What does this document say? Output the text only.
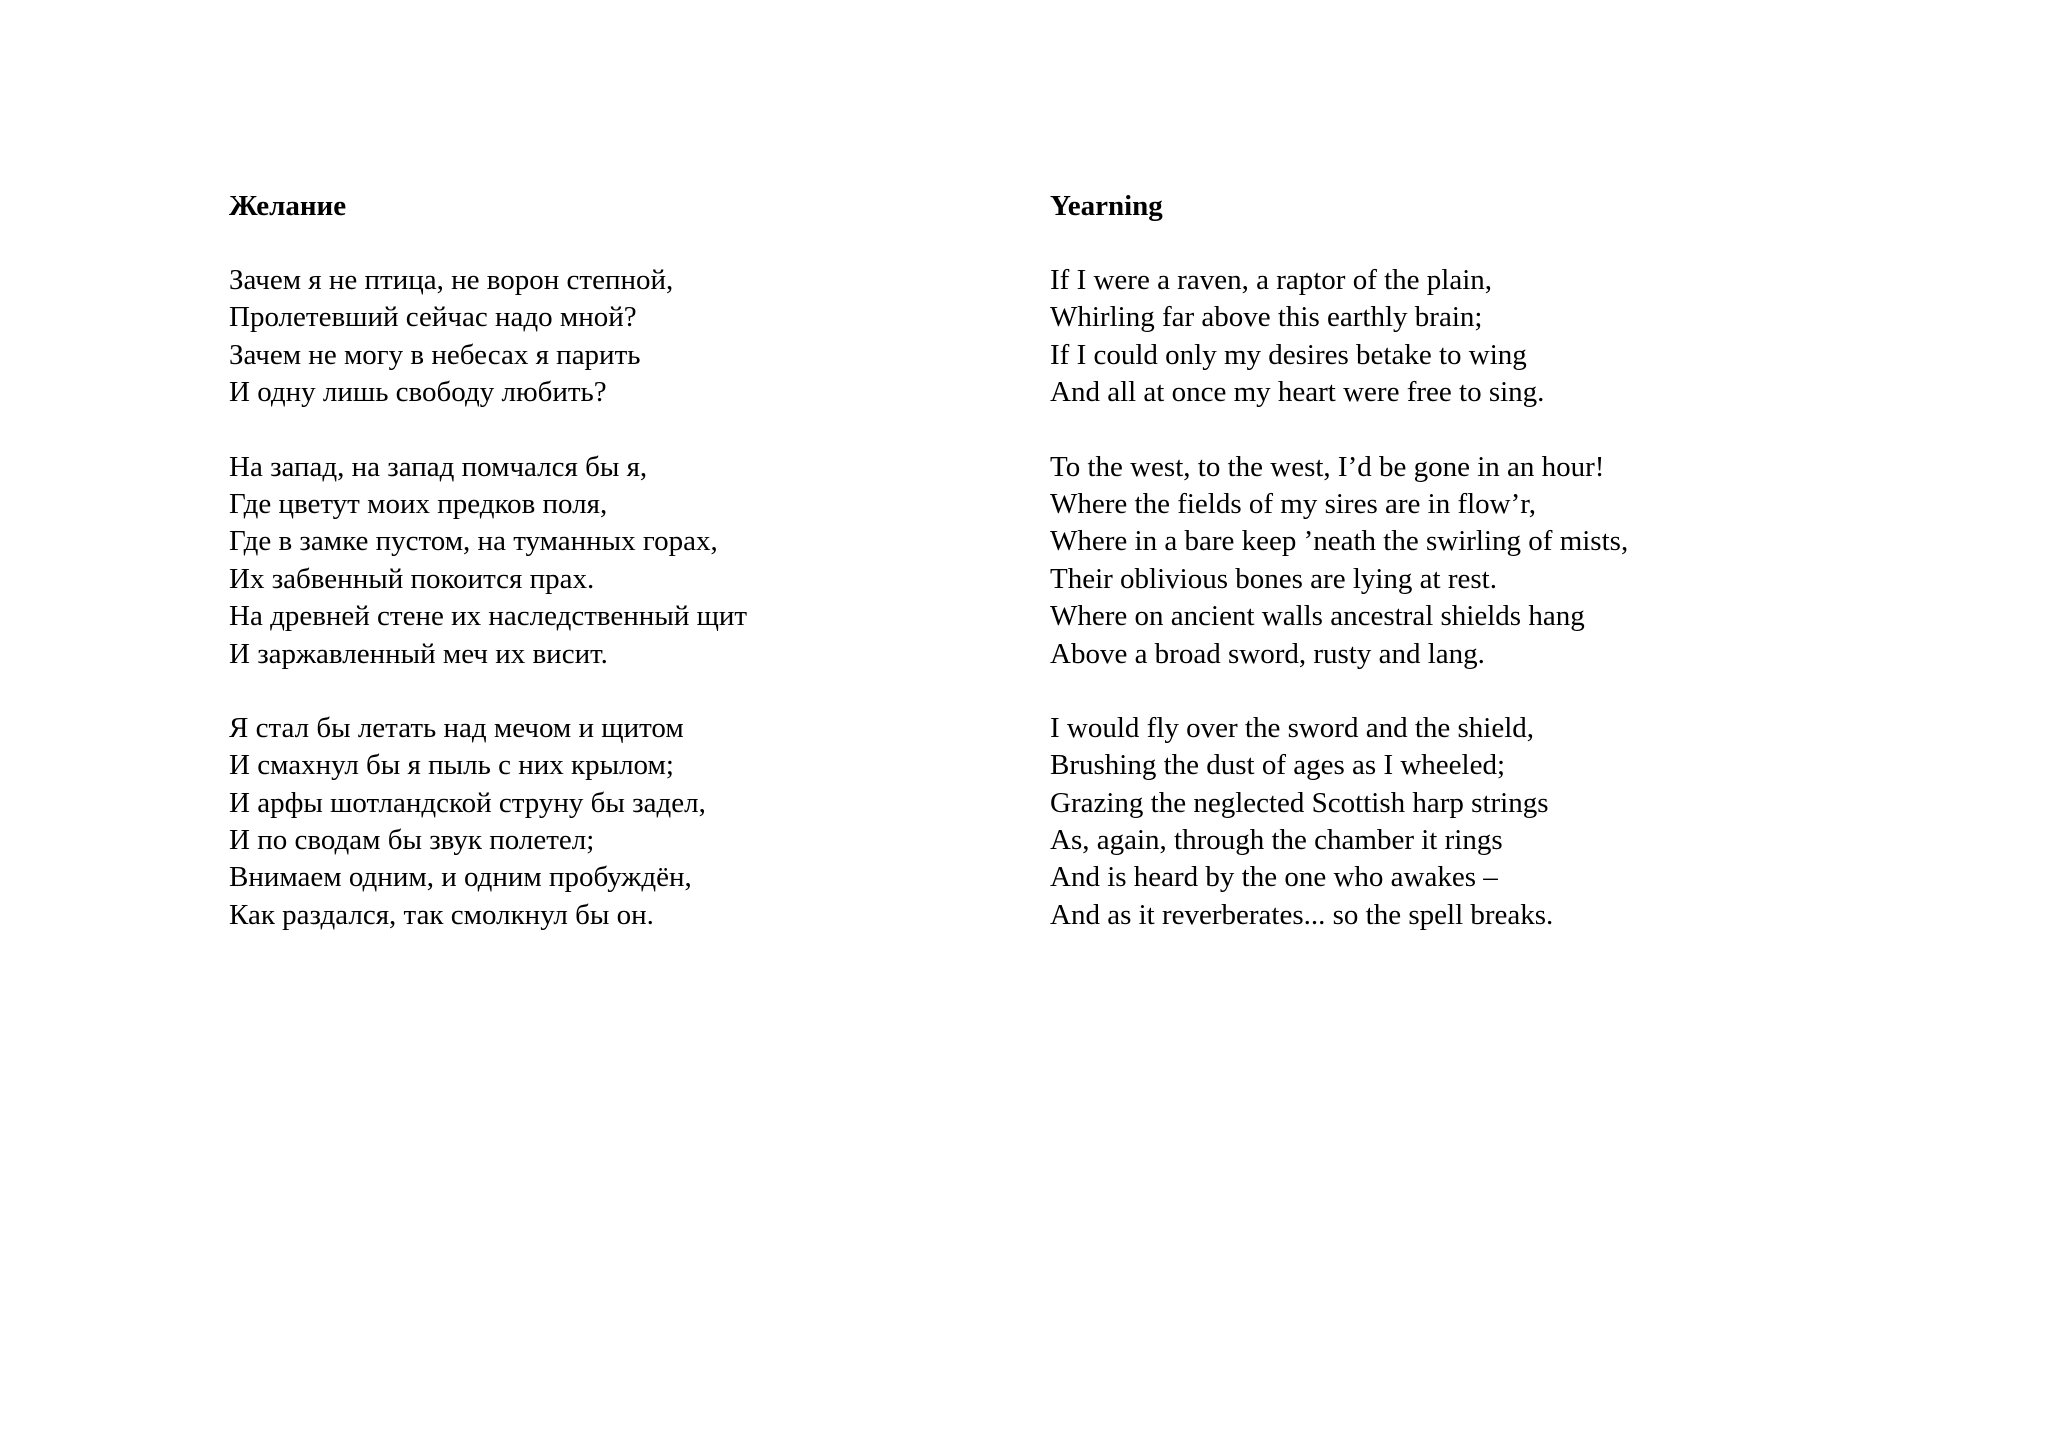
Желание
Зачем я не птица, не ворон степной,
Пролетевший сейчас надо мной?
Зачем не могу в небесах я парить
И одну лишь свободу любить?
На запад, на запад помчался бы я,
Где цветут моих предков поля,
Где в замке пустом, на туманных горах,
Их забвенный покоится прах.
На древней стене их наследственный щит
И заржавленный меч их висит.
Я стал бы летать над мечом и щитом
И смахнул бы я пыль с них крылом;
И арфы шотландской струну бы задел,
И по сводам бы звук полетел;
Внимаем одним, и одним пробуждён,
Как раздался, так смолкнул бы он.
Yearning
If I were a raven, a raptor of the plain,
Whirling far above this earthly brain;
If I could only my desires betake to wing
And all at once my heart were free to sing.
To the west, to the west, I’d be gone in an hour!
Where the fields of my sires are in flow’r,
Where in a bare keep ’neath the swirling of mists,
Their oblivious bones are lying at rest.
Where on ancient walls ancestral shields hang
Above a broad sword, rusty and lang.
I would fly over the sword and the shield,
Brushing the dust of ages as I wheeled;
Grazing the neglected Scottish harp strings
As, again, through the chamber it rings
And is heard by the one who awakes –
And as it reverberates... so the spell breaks.
